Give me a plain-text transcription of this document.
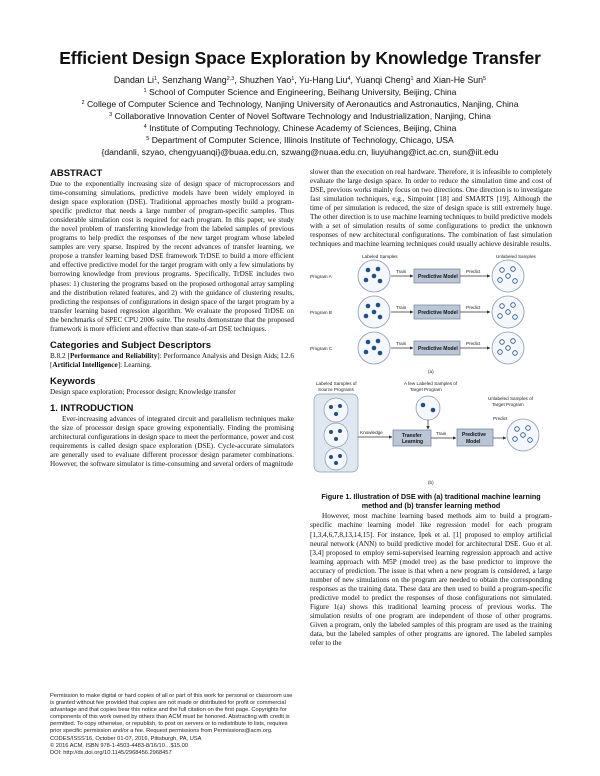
Efficient Design Space Exploration by Knowledge Transfer
Dandan Li$^1$, Senzhang Wang$^{2,3}$, Shuzhen Yao$^1$, Yu-Hang Liu$^4$, Yuanqi Cheng$^1$ and Xian-He Sun$^5$
$^1$ School of Computer Science and Engineering, Beihang University, Beijing, China
$^2$ College of Computer Science and Technology, Nanjing University of Aeronautics and Astronautics, Nanjing, China
$^3$ Collaborative Innovation Center of Novel Software Technology and Industrialization, Nanjing, China
$^4$ Institute of Computing Technology, Chinese Academy of Sciences, Beijing, China
$^5$ Department of Computer Science, Illinois Institute of Technology, Chicago, USA
{dandanli, szyao, chengyuanqi}@buaa.edu.cn, szwang@nuaa.edu.cn, liuyuhang@ict.ac.cn, sun@iit.edu
ABSTRACT

Due to the exponentially increasing size of design space of microprocessors and time-consuming simulations, predictive models have been widely employed in design space exploration (DSE). Traditional approaches mostly build a program-specific predictor that needs a large number of program-specific samples. Thus considerable simulation cost is required for each program. In this paper, we study the novel problem of transferring knowledge from the labeled samples of previous programs to help predict the responses of the new target program whose labeled samples are very sparse. Inspired by the recent advances of transfer learning, we propose a transfer learning based DSE framework TrDSE to build a more efficient and effective predictive model for the target program with only a few simulations by borrowing knowledge from previous programs. Specifically, TrDSE includes two phases: 1) clustering the programs based on the proposed orthogonal array sampling and the distribution related features, and 2) with the guidance of clustering results, predicting the responses of configurations in design space of the target program by a transfer learning based regression algorithm. We evaluate the proposed TrDSE on the benchmarks of SPEC CPU 2006 suite. The results demonstrate that the proposed framework is more efficient and effective than state-of-art DSE techniques.

Categories and Subject Descriptors

B.8.2 [Performance and Reliability]: Performance Analysis and Design Aids; I.2.6 [Artificial Intelligence]: Learning.

Keywords

Design space exploration; Processor design; Knowledge transfer

1. INTRODUCTION

Ever-increasing advances of integrated circuit and parallelism techniques make the size of processor design space growing exponentially. Finding the promising architectural configurations in design space to meet the performance, power and cost requirements is called design space exploration (DSE). Cycle-accurate simulators are generally used to evaluate different processor design parameter combinations. However, the software simulator is time-consuming and several orders of magnitude

slower than the execution on real hardware. Therefore, it is infeasible to completely evaluate the large design space. In order to reduce the simulation time and cost of DSE, previous works mainly focus on two directions. One direction is to investigate fast simulation techniques, e.g., Simpoint [18] and SMARTS [19]. Although the time of per simulation is reduced, the size of design space is still extremely huge. The other direction is to use machine learning techniques to build predictive models with a set of simulation results of some configurations to predict the unknown responses of new architectural configurations. The combination of fast simulation techniques and machine learning techniques could usually achieve desirable results.

Labeled Samples	Unlabeled Samples
Program A
Train
Predictive Model
Predict
Program B
Train
Predictive Model
Predict
Program C
Train
Predictive Model
Predict
(a)
A few Labeled Samples of
Target Program
Labeled Samples of
Source Programs
Knowledge
Transfer
Learning
Train	Predictive
Model
Predict
Unlabeled Samples of
Target Program
(b)
Figure 1. Illustration of DSE with (a) traditional machine learning method and (b) transfer learning method

However, most machine learning based methods aim to build a program-specific machine learning model like regression model for each program [1,3,4,6,7,8,13,14,15]. For instance, İpek et al. [1] proposed to employ artificial neural network (ANN) to build predictive model for architectural DSE. Guo et al. [3,4] proposed to employ semi-supervised learning regression approach and active learning approach with M5P (model tree) as the base predictor to improve the accuracy of prediction. The issue is that when a new program is considered, a large number of new simulations on the program are needed to obtain the corresponding responses as the training data. These data are then used to build a program-specific predictive model to predict the responses of those configurations not simulated. Figure 1(a) shows this traditional learning process of previous works. The simulation results of one program are independent of those of other programs. Given a program, only the labeled samples of this program are used as the training data, but the labeled samples of other programs are ignored. The labeled samples refer to the

Permission to make digital or hard copies of all or part of this work for personal or classroom use is granted without fee provided that copies are not made or distributed for profit or commercial advantage and that copies bear this notice and the full citation on the first page. Copyrights for components of this work owned by others than ACM must be honored. Abstracting with credit is permitted. To copy otherwise, or republish, to post on servers or to redistribute to lists, requires prior specific permission and/or a fee. Request permissions from Permissions@acm.org.

CODES/ISSS'16, October 01-07, 2016, Pittsburgh, PA, USA

© 2016 ACM. ISBN 978-1-4503-4483-8/16/10…$15.00

DOI: http://dx.doi.org/10.1145/2968456.2968457
